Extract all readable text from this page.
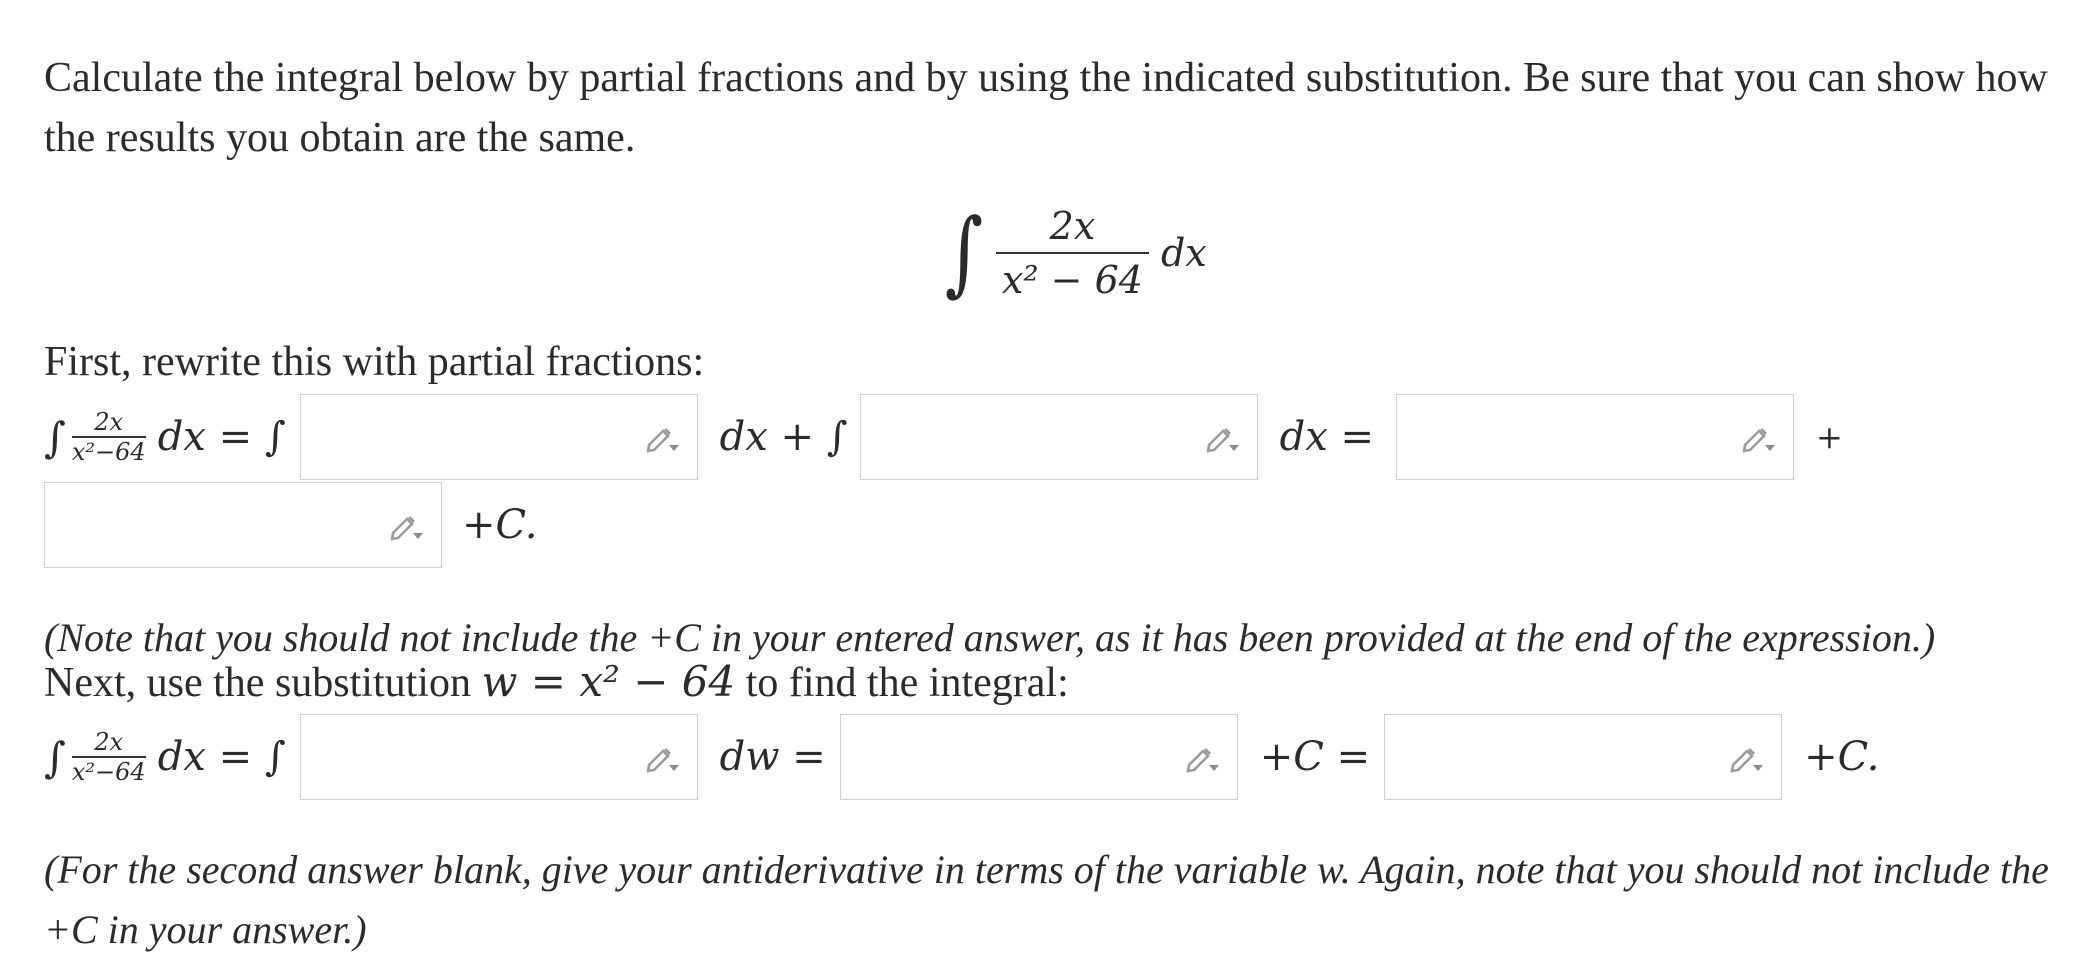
Calculate the integral below by partial fractions and by using the indicated substitution. Be sure that you can show how the results you obtain are the same.

∫ $\frac{2x}{\text{x² − 64}}$ dx

First, rewrite this with partial fractions:

∫ $\frac{2x}{\text{x²−64}}$ dx = ∫	dx + ∫	dx =	+
+C.

(Note that you should not include the +C in your entered answer, as it has been provided at the end of the expression.)

Next, use the substitution w = x² − 64 to find the integral:

∫ $\frac{2x}{\text{x²−64}}$ dx = ∫	dw =	+C =	+C.

(For the second answer blank, give your antiderivative in terms of the variable w. Again, note that you should not include the +C in your answer.)
